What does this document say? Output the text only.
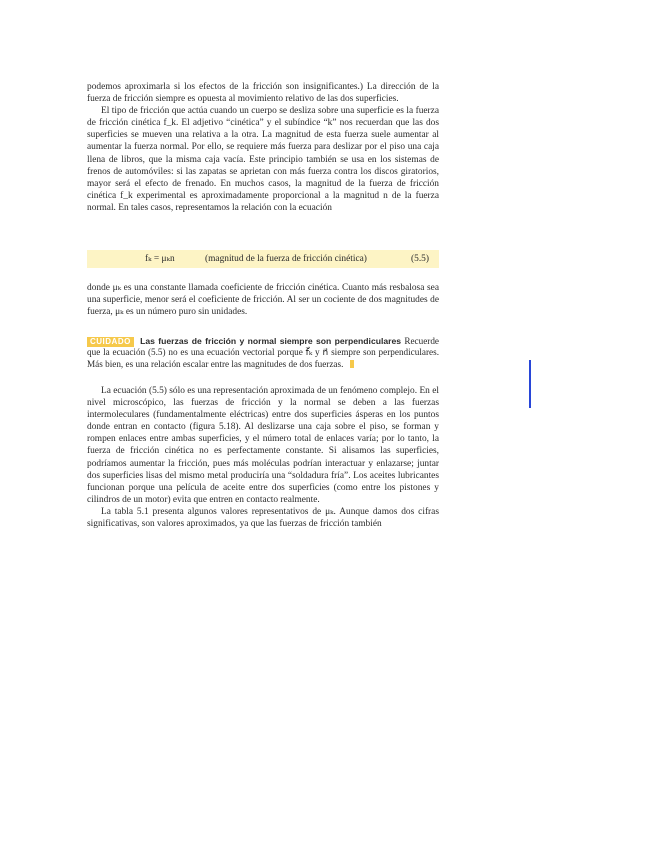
podemos aproximarla si los efectos de la fricción son insignificantes.) La dirección de la fuerza de fricción siempre es opuesta al movimiento relativo de las dos superficies.

El tipo de fricción que actúa cuando un cuerpo se desliza sobre una superficie es la fuerza de fricción cinética f_k. El adjetivo “cinética” y el subíndice “k” nos recuerdan que las dos superficies se mueven una relativa a la otra. La magnitud de esta fuerza suele aumentar al aumentar la fuerza normal. Por ello, se requiere más fuerza para deslizar por el piso una caja llena de libros, que la misma caja vacía. Este principio también se usa en los sistemas de frenos de automóviles: si las zapatas se aprietan con más fuerza contra los discos giratorios, mayor será el efecto de frenado. En muchos casos, la magnitud de la fuerza de fricción cinética f_k experimental es aproximadamente proporcional a la magnitud n de la fuerza normal. En tales casos, representamos la relación con la ecuación

fₖ = μₖn	(magnitud de la fuerza de fricción cinética)	(5.5)

donde μₖ es una constante llamada coeficiente de fricción cinética. Cuanto más resbalosa sea una superficie, menor será el coeficiente de fricción. Al ser un cociente de dos magnitudes de fuerza, μₖ es un número puro sin unidades.

CUIDADO Las fuerzas de fricción y normal siempre son perpendiculares Recuerde que la ecuación (5.5) no es una ecuación vectorial porque f⃗ₖ y n⃗ siempre son perpendiculares. Más bien, es una relación escalar entre las magnitudes de dos fuerzas.

La ecuación (5.5) sólo es una representación aproximada de un fenómeno complejo. En el nivel microscópico, las fuerzas de fricción y la normal se deben a las fuerzas intermoleculares (fundamentalmente eléctricas) entre dos superficies ásperas en los puntos donde entran en contacto (figura 5.18). Al deslizarse una caja sobre el piso, se forman y rompen enlaces entre ambas superficies, y el número total de enlaces varía; por lo tanto, la fuerza de fricción cinética no es perfectamente constante. Si alisamos las superficies, podríamos aumentar la fricción, pues más moléculas podrían interactuar y enlazarse; juntar dos superficies lisas del mismo metal produciría una “soldadura fría”. Los aceites lubricantes funcionan porque una película de aceite entre dos superficies (como entre los pistones y cilindros de un motor) evita que entren en contacto realmente.

La tabla 5.1 presenta algunos valores representativos de μₖ. Aunque damos dos cifras significativas, son valores aproximados, ya que las fuerzas de fricción también
